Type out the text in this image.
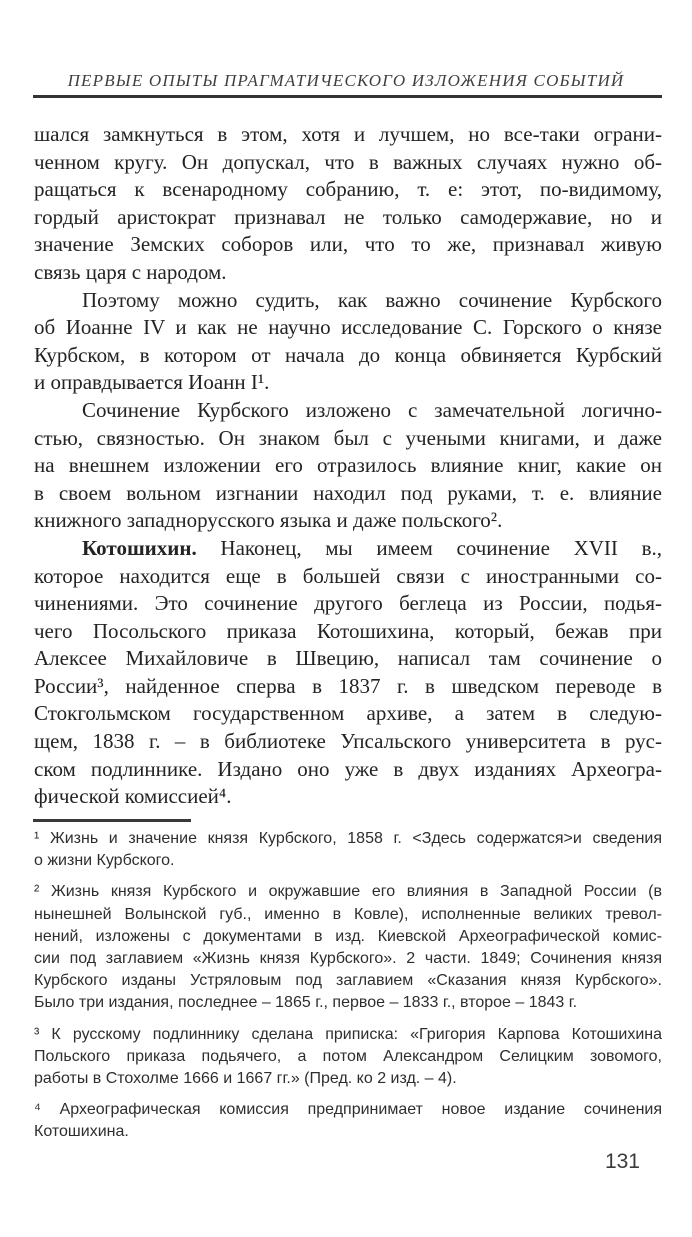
ПЕРВЫЕ ОПЫТЫ ПРАГМАТИЧЕСКОГО ИЗЛОЖЕНИЯ СОБЫТИЙ
шался замкнуться в этом, хотя и лучшем, но все-таки ограни-
ченном кругу. Он допускал, что в важных случаях нужно об-
ращаться к всенародному собранию, т. е: этот, по-видимому,
гордый аристократ признавал не только самодержавие, но и
значение Земских соборов или, что то же, признавал живую
связь царя с народом.
Поэтому можно судить, как важно сочинение Курбского
об Иоанне IV и как не научно исследование С. Горского о князе
Курбском, в котором от начала до конца обвиняется Курбский
и оправдывается Иоанн I¹.
Сочинение Курбского изложено с замечательной логично-
стью, связностью. Он знаком был с учеными книгами, и даже
на внешнем изложении его отразилось влияние книг, какие он
в своем вольном изгнании находил под руками, т. е. влияние
книжного западнорусского языка и даже польского².
Котошихин. Наконец, мы имеем сочинение XVII в.,
которое находится еще в большей связи с иностранными со-
чинениями. Это сочинение другого беглеца из России, подья-
чего Посольского приказа Котошихина, который, бежав при
Алексее Михайловиче в Швецию, написал там сочинение о
России³, найденное сперва в 1837 г. в шведском переводе в
Стокгольмском государственном архиве, а затем в следую-
щем, 1838 г. – в библиотеке Упсальского университета в рус-
ском подлиннике. Издано оно уже в двух изданиях Археогра-
фической комиссией⁴.
¹ Жизнь и значение князя Курбского, 1858 г. <Здесь содержатся>и сведения
о жизни Курбского.
² Жизнь князя Курбского и окружавшие его влияния в Западной России (в
нынешней Волынской губ., именно в Ковле), исполненные великих тревол-
нений, изложены с документами в изд. Киевской Археографической комис-
сии под заглавием «Жизнь князя Курбского». 2 части. 1849; Сочинения князя
Курбского изданы Устряловым под заглавием «Сказания князя Курбского».
Было три издания, последнее – 1865 г., первое – 1833 г., второе – 1843 г.
³ К русскому подлиннику сделана приписка: «Григория Карпова Котошихина
Польского приказа подьячего, а потом Александром Селицким зовомого,
работы в Стохолме 1666 и 1667 гг.» (Пред. ко 2 изд. – 4).
⁴ Археографическая комиссия предпринимает новое издание сочинения
Котошихина.
131
